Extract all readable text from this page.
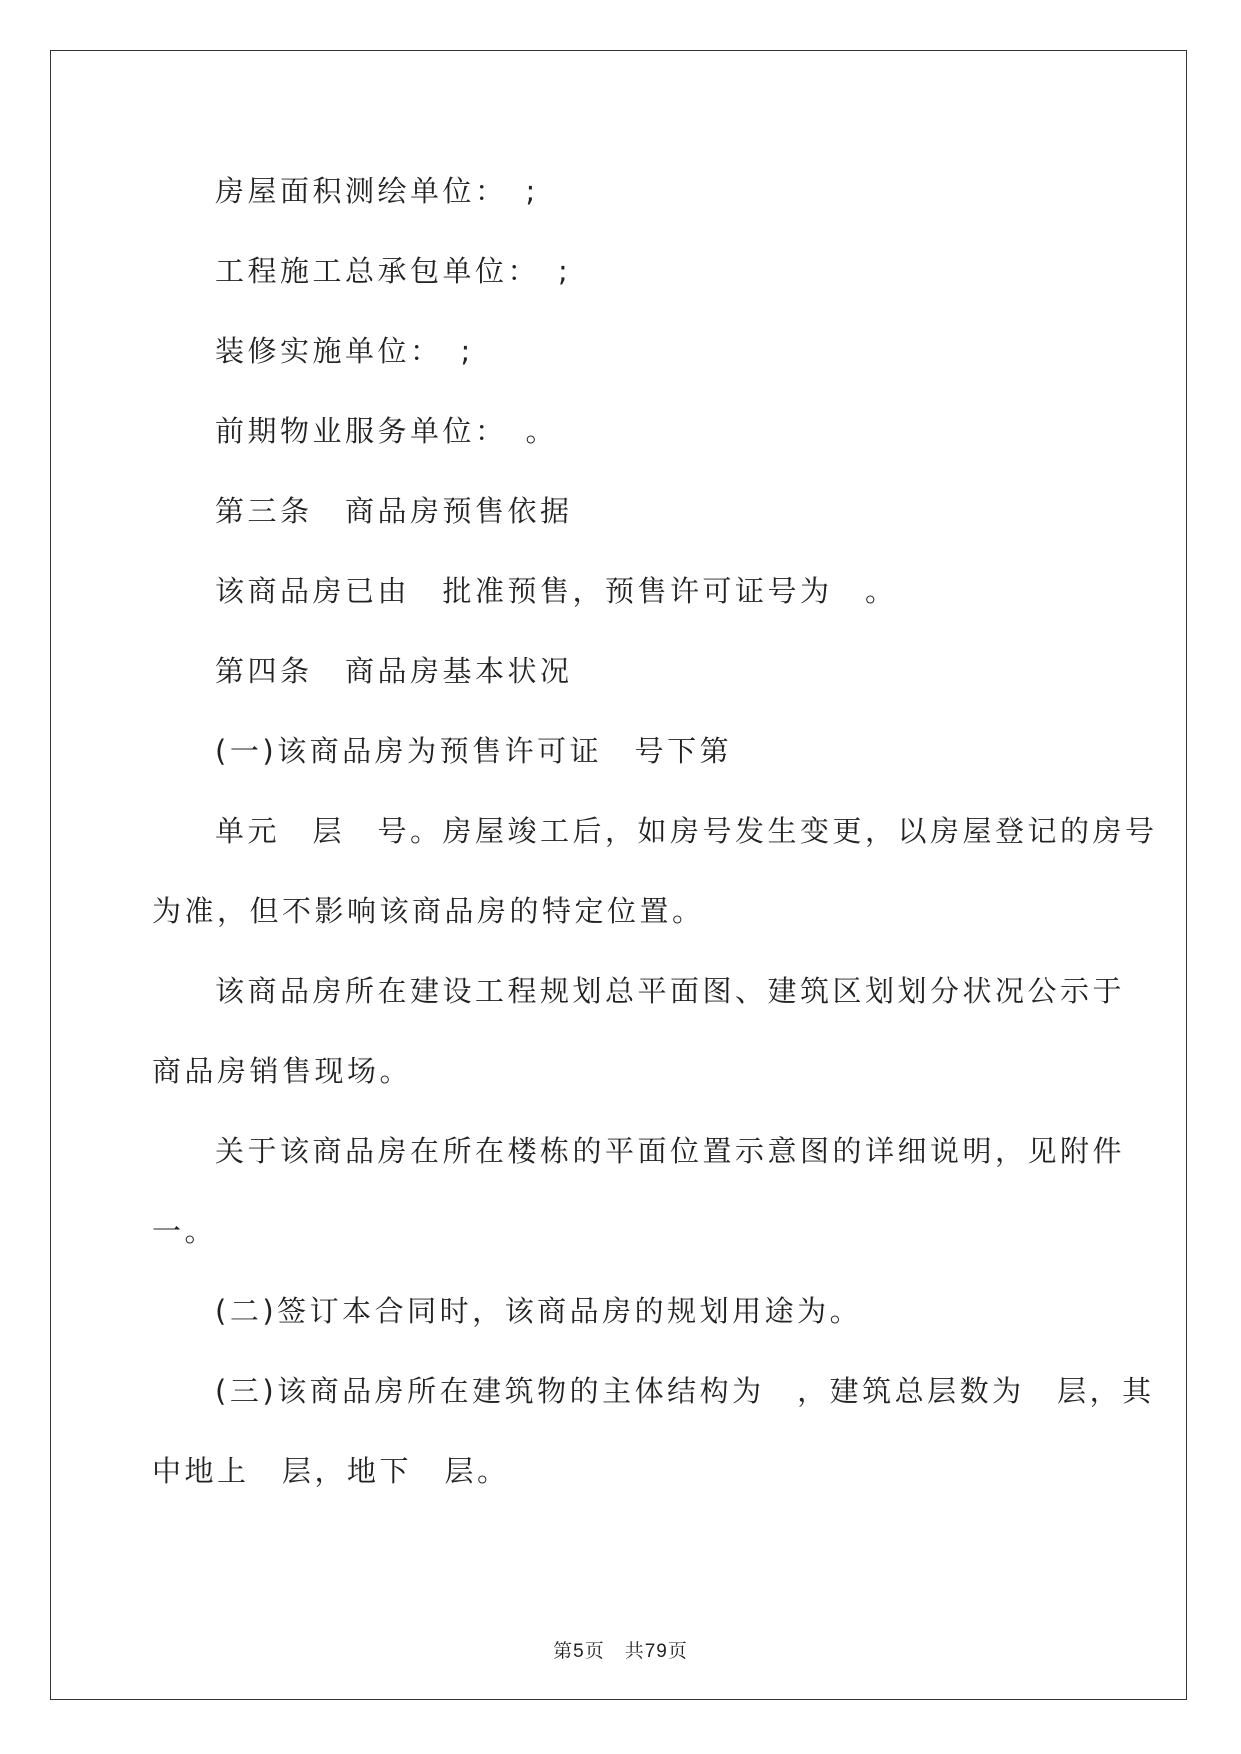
房屋面积测绘单位：　;

工程施工总承包单位：　;

装修实施单位：　;

前期物业服务单位：　。

第三条　商品房预售依据

该商品房已由　批准预售，预售许可证号为　。

第四条　商品房基本状况

(一)该商品房为预售许可证　号下第

单元　层　号。房屋竣工后，如房号发生变更，以房屋登记的房号
为准，但不影响该商品房的特定位置。

该商品房所在建设工程规划总平面图、建筑区划划分状况公示于
商品房销售现场。

关于该商品房在所在楼栋的平面位置示意图的详细说明，见附件
一。

(二)签订本合同时，该商品房的规划用途为。

(三)该商品房所在建筑物的主体结构为　，建筑总层数为　层，其
中地上　层，地下　层。

第5页　共79页
